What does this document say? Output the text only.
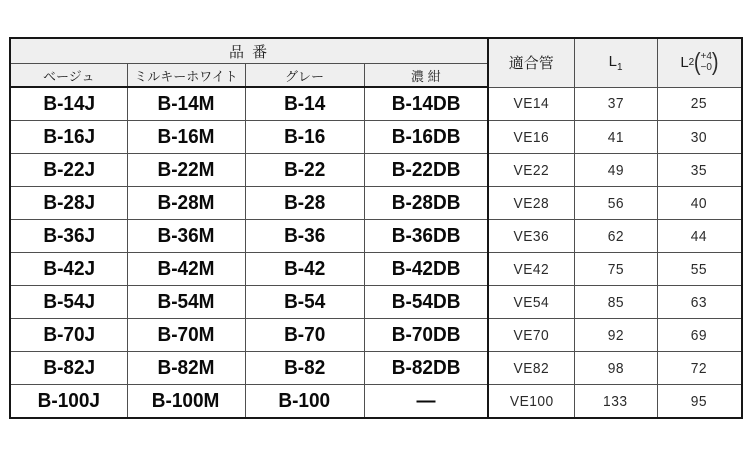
品 番	適合管	$L_1$	L 2 ( +4
−0 )

ベージュ	ミルキーホワイト	グレー	濃 紺			
B-14J	B-14M	B-14	B-14DB	VE14	37	25
B-16J	B-16M	B-16	B-16DB	VE16	41	30
B-22J	B-22M	B-22	B-22DB	VE22	49	35
B-28J	B-28M	B-28	B-28DB	VE28	56	40
B-36J	B-36M	B-36	B-36DB	VE36	62	44
B-42J	B-42M	B-42	B-42DB	VE42	75	55
B-54J	B-54M	B-54	B-54DB	VE54	85	63
B-70J	B-70M	B-70	B-70DB	VE70	92	69
B-82J	B-82M	B-82	B-82DB	VE82	98	72
B-100J	B-100M	B-100	—	VE100	133	95
